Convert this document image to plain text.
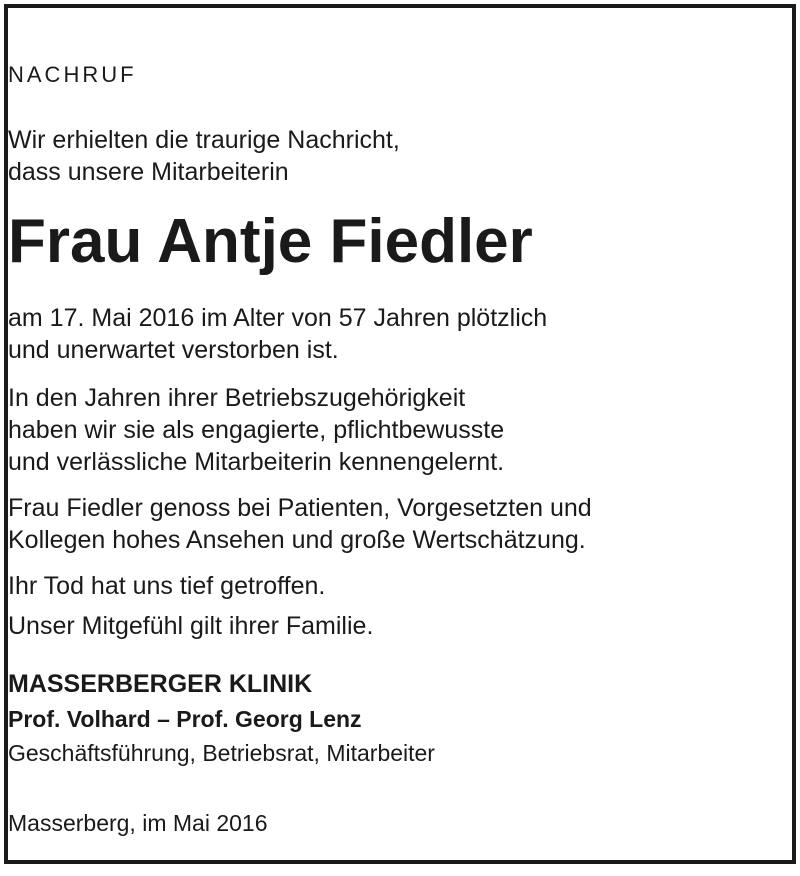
NACHRUF
Wir erhielten die traurige Nachricht,
dass unsere Mitarbeiterin
Frau Antje Fiedler
am 17. Mai 2016 im Alter von 57 Jahren plötzlich
und unerwartet verstorben ist.
In den Jahren ihrer Betriebszugehörigkeit
haben wir sie als engagierte, pflichtbewusste
und verlässliche Mitarbeiterin kennengelernt.
Frau Fiedler genoss bei Patienten, Vorgesetzten und
Kollegen hohes Ansehen und große Wertschätzung.
Ihr Tod hat uns tief getroffen.
Unser Mitgefühl gilt ihrer Familie.
MASSERBERGER KLINIK
Prof. Volhard – Prof. Georg Lenz
Geschäftsführung, Betriebsrat, Mitarbeiter
Masserberg, im Mai 2016
